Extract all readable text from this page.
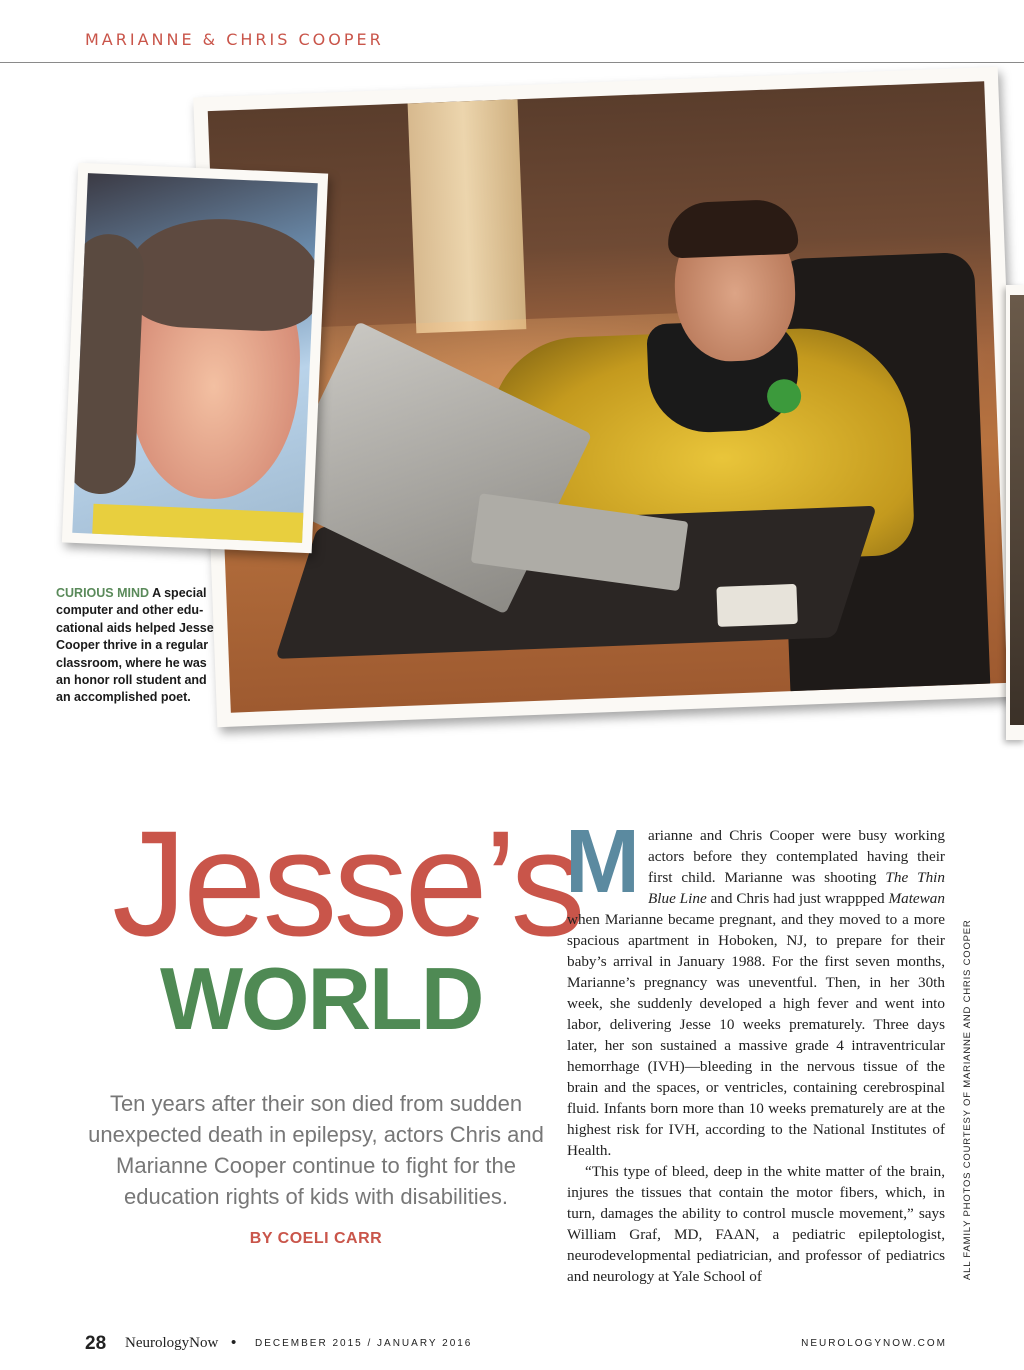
MARIANNE & CHRIS COOPER
CURIOUS MIND A special computer and other edu-cational aids helped Jesse Cooper thrive in a regular classroom, where he was an honor roll student and an accomplished poet.
Jesse’s
WORLD
Ten years after their son died from sudden unexpected death in epilepsy, actors Chris and Marianne Cooper continue to fight for the education rights of kids with disabilities.
BY COELI CARR

Marianne and Chris Cooper were busy working actors before they contemplated having their first child. Marianne was shooting The Thin Blue Line and Chris had just wrappped Matewan when Marianne became pregnant, and they moved to a more spacious apartment in Hoboken, NJ, to prepare for their baby’s arrival in January 1988. For the first seven months, Marianne’s pregnancy was uneventful. Then, in her 30th week, she suddenly developed a high fever and went into labor, delivering Jesse 10 weeks prematurely. Three days later, her son sustained a massive grade 4 intraventricular hemorrhage (IVH)—bleeding in the nervous tissue of the brain and the spaces, or ventricles, containing cerebrospinal fluid. Infants born more than 10 weeks prematurely are at the highest risk for IVH, according to the National Institutes of Health.

“This type of bleed, deep in the white matter of the brain, injures the tissues that contain the motor fibers, which, in turn, damages the ability to control muscle movement,” says William Graf, MD, FAAN, a pediatric epileptologist, neurodevelopmental pediatrician, and professor of pediatrics and neurology at Yale School of	ALL FAMILY PHOTOS COURTESY OF MARIANNE AND CHRIS COOPER
28 NeurologyNow • DECEMBER 2015 / JANUARY 2016	NEUROLOGYNOW.COM
